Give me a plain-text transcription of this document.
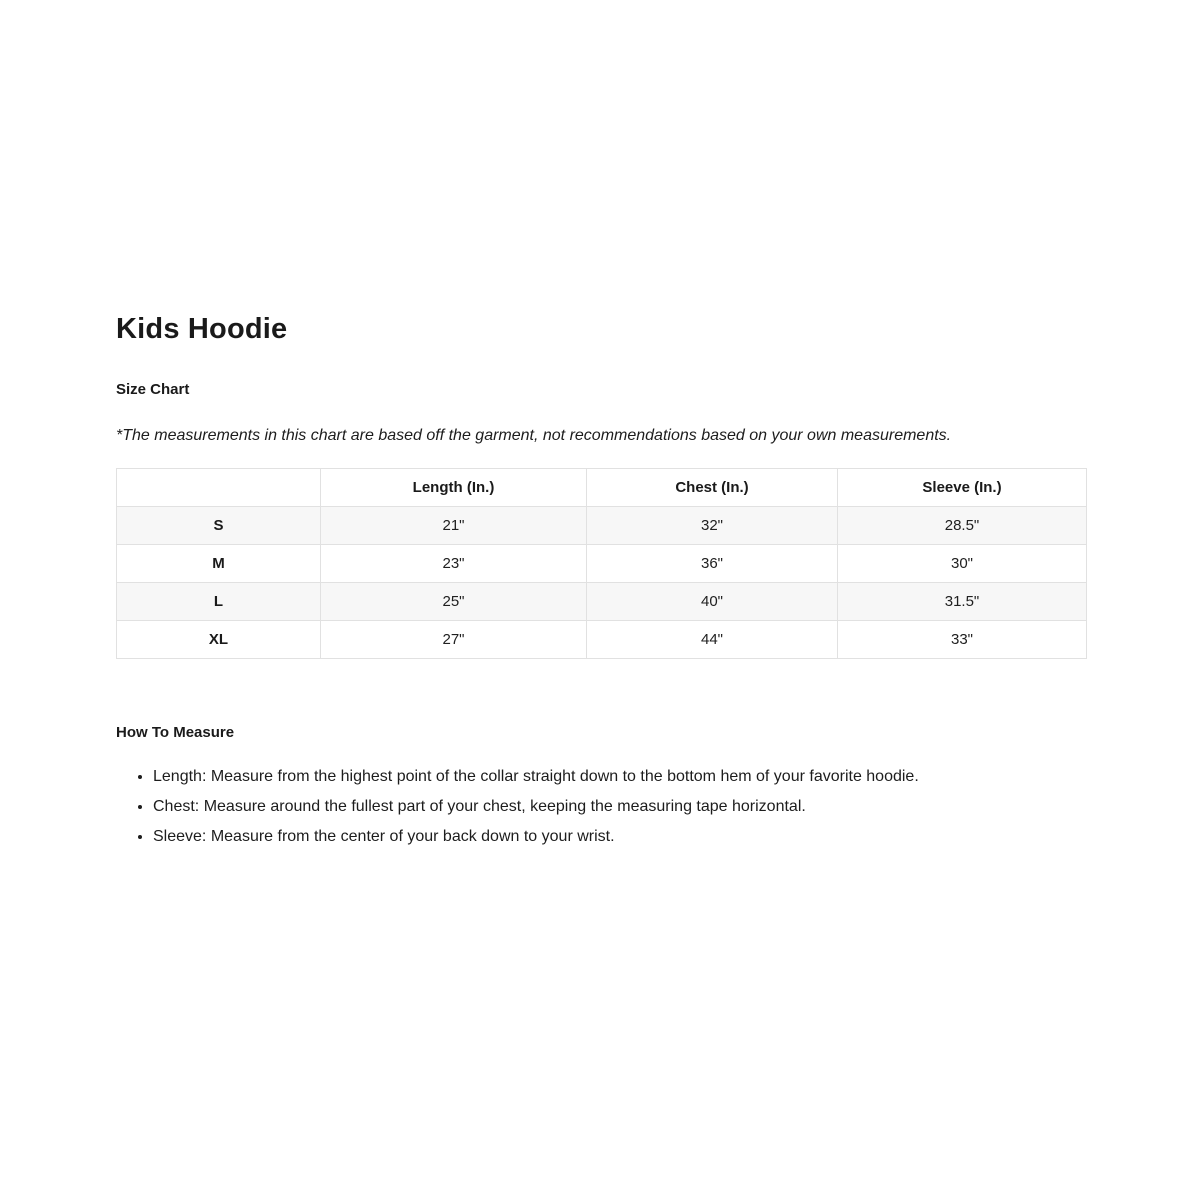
Kids Hoodie
Size Chart

*The measurements in this chart are based off the garment, not recommendations based on your own measurements.

	Length (In.)	Chest (In.)	Sleeve (In.)
S	21"	32"	28.5"
M	23"	36"	30"
L	25"	40"	31.5"
XL	27"	44"	33"
How To Measure
• Length: Measure from the highest point of the collar straight down to the bottom hem of your favorite hoodie.
• Chest: Measure around the fullest part of your chest, keeping the measuring tape horizontal.
• Sleeve: Measure from the center of your back down to your wrist.
